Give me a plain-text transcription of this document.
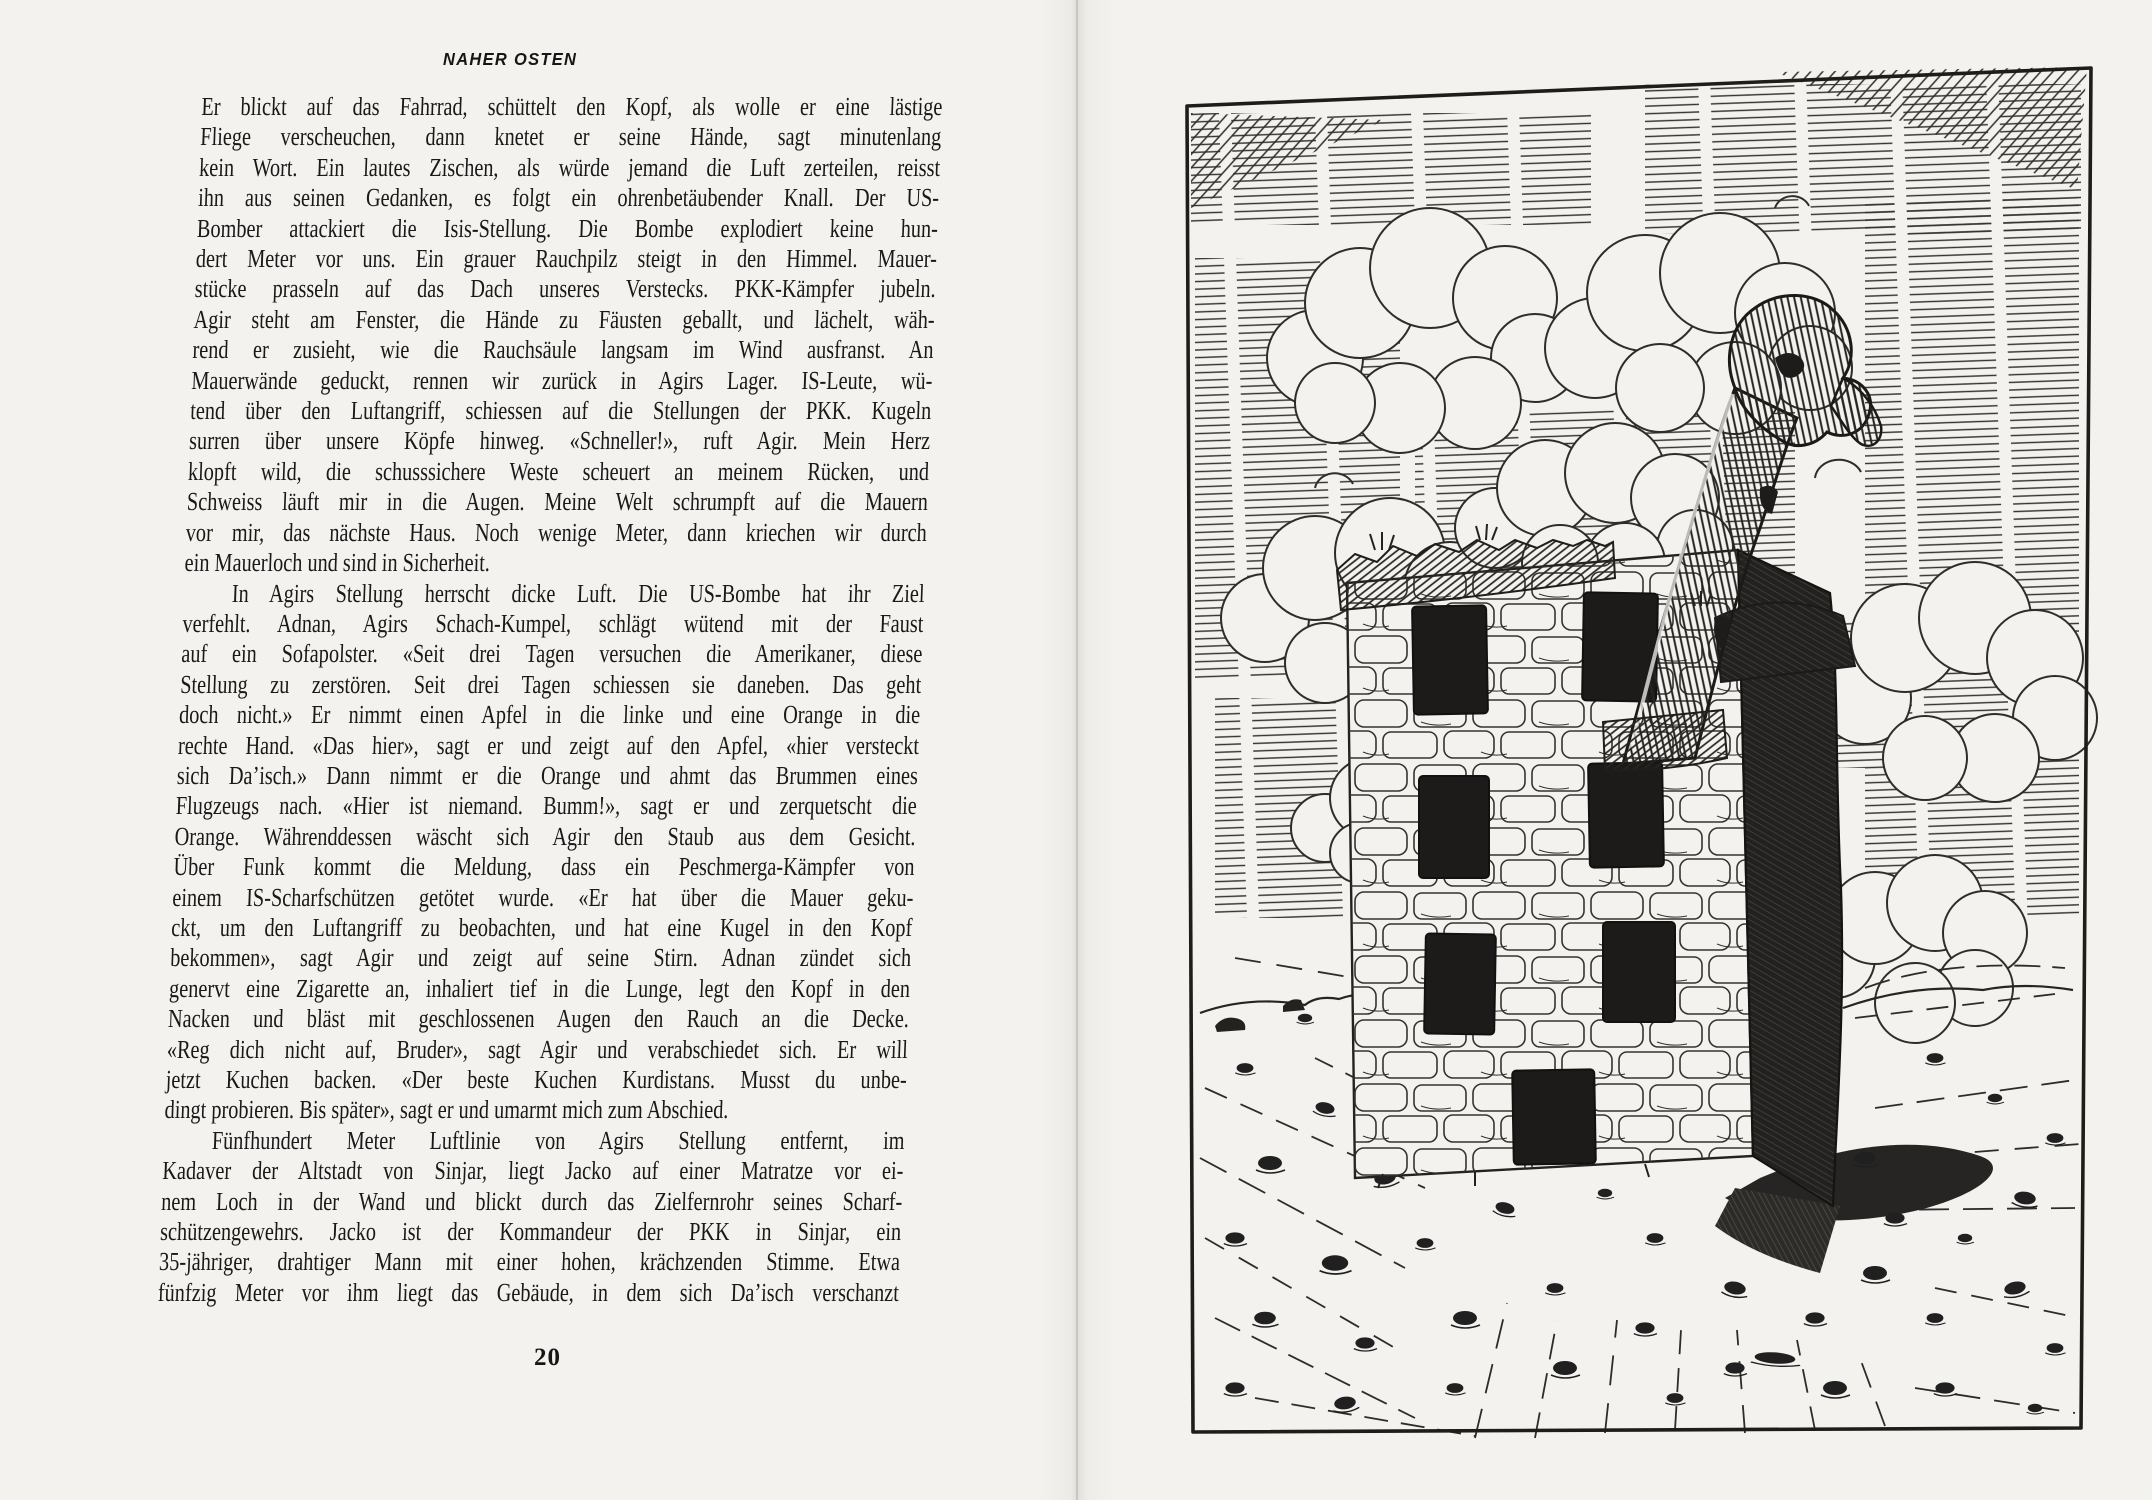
NAHER OSTEN
Er blickt auf das Fahrrad, schüttelt den Kopf, als wolle er eine lästige
Fliege verscheuchen, dann knetet er seine Hände, sagt minutenlang
kein Wort. Ein lautes Zischen, als würde jemand die Luft zerteilen, reisst
ihn aus seinen Gedanken, es folgt ein ohrenbetäubender Knall. Der US-
Bomber attackiert die Isis-Stellung. Die Bombe explodiert keine hun-
dert Meter vor uns. Ein grauer Rauchpilz steigt in den Himmel. Mauer-
stücke prasseln auf das Dach unseres Verstecks. PKK-Kämpfer jubeln.
Agir steht am Fenster, die Hände zu Fäusten geballt, und lächelt, wäh-
rend er zusieht, wie die Rauchsäule langsam im Wind ausfranst. An
Mauerwände geduckt, rennen wir zurück in Agirs Lager. IS-Leute, wü-
tend über den Luftangriff, schiessen auf die Stellungen der PKK. Kugeln
surren über unsere Köpfe hinweg. «Schneller!», ruft Agir. Mein Herz
klopft wild, die schusssichere Weste scheuert an meinem Rücken, und
Schweiss läuft mir in die Augen. Meine Welt schrumpft auf die Mauern
vor mir, das nächste Haus. Noch wenige Meter, dann kriechen wir durch
ein Mauerloch und sind in Sicherheit.
In Agirs Stellung herrscht dicke Luft. Die US-Bombe hat ihr Ziel
verfehlt. Adnan, Agirs Schach-Kumpel, schlägt wütend mit der Faust
auf ein Sofapolster. «Seit drei Tagen versuchen die Amerikaner, diese
Stellung zu zerstören. Seit drei Tagen schiessen sie daneben. Das geht
doch nicht.» Er nimmt einen Apfel in die linke und eine Orange in die
rechte Hand. «Das hier», sagt er und zeigt auf den Apfel, «hier versteckt
sich Da’isch.» Dann nimmt er die Orange und ahmt das Brummen eines
Flugzeugs nach. «Hier ist niemand. Bumm!», sagt er und zerquetscht die
Orange. Währenddessen wäscht sich Agir den Staub aus dem Gesicht.
Über Funk kommt die Meldung, dass ein Peschmerga-Kämpfer von
einem IS-Scharfschützen getötet wurde. «Er hat über die Mauer geku-
ckt, um den Luftangriff zu beobachten, und hat eine Kugel in den Kopf
bekommen», sagt Agir und zeigt auf seine Stirn. Adnan zündet sich
genervt eine Zigarette an, inhaliert tief in die Lunge, legt den Kopf in den
Nacken und bläst mit geschlossenen Augen den Rauch an die Decke.
«Reg dich nicht auf, Bruder», sagt Agir und verabschiedet sich. Er will
jetzt Kuchen backen. «Der beste Kuchen Kurdistans. Musst du unbe-
dingt probieren. Bis später», sagt er und umarmt mich zum Abschied.
Fünfhundert Meter Luftlinie von Agirs Stellung entfernt, im
Kadaver der Altstadt von Sinjar, liegt Jacko auf einer Matratze vor ei-
nem Loch in der Wand und blickt durch das Zielfernrohr seines Scharf-
schützengewehrs. Jacko ist der Kommandeur der PKK in Sinjar, ein
35-jähriger, drahtiger Mann mit einer hohen, krächzenden Stimme. Etwa
fünfzig Meter vor ihm liegt das Gebäude, in dem sich Da’isch verschanzt
20
